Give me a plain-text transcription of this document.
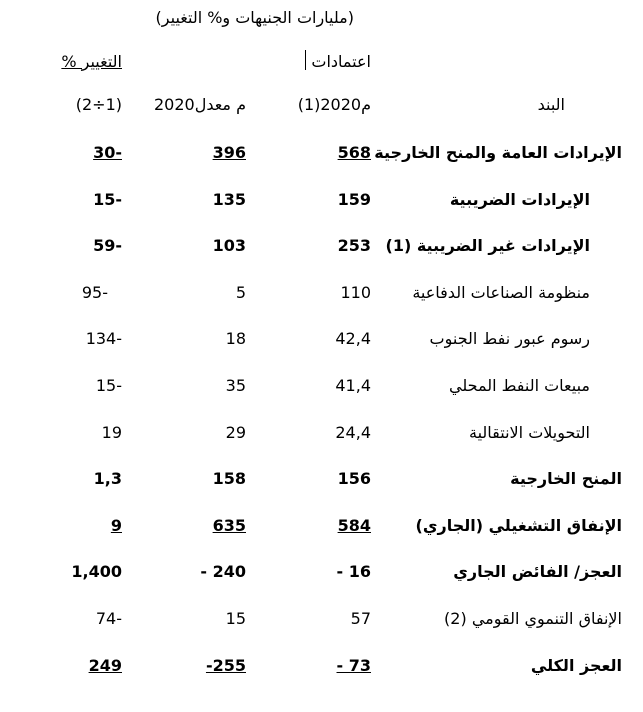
(مليارات الجنيهات و% التغيير)
التغيير %	اعتمادات
البند
(1)2020م
2020م معدل
(2÷1)
الإيرادات العامة والمنح الخارجية
568
396
30-
الإيرادات الضريبية
159
135
15-
الإيرادات غير الضريبية (1)
253
103
59-
منظومة الصناعات الدفاعية
110
5
95-
رسوم عبور نفط الجنوب
42,4
18
134-
مبيعات النفط المحلي
41,4
35
15-
التحويلات الانتقالية
24,4
29
19
المنح الخارجية
156
158
1,3
الإنفاق التشغيلي (الجاري)
584
635
9
العجز/ الفائض الجاري
- 16
- 240
1,400
الإنفاق التنموي القومي (2)
57
15
74-
العجز الكلي
- 73
-255
249
